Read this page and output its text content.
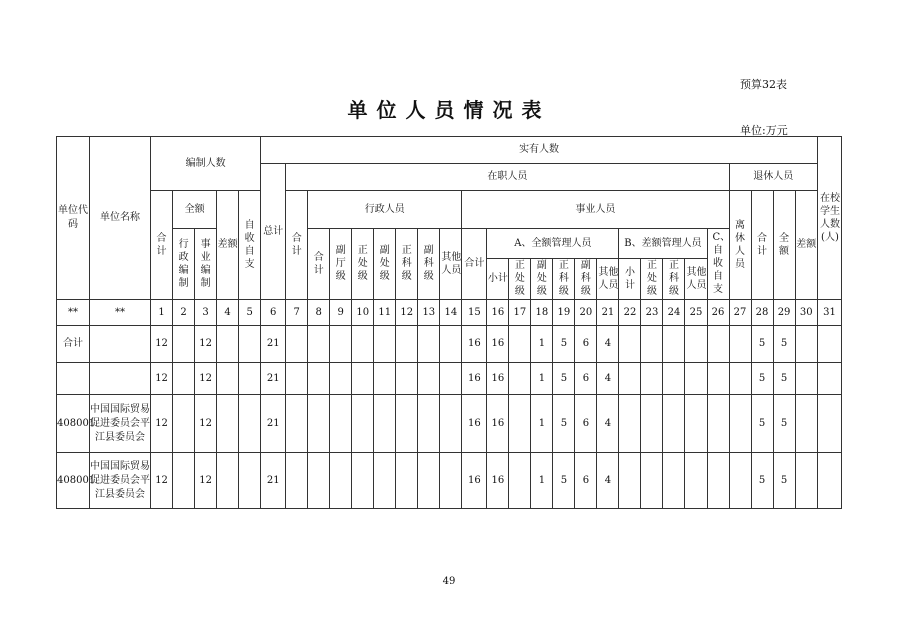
预算32表
单位人员情况表
单位:万元
单位代码	单位名称	编制人数					实有人数																									在校学生人数(人)
							总计	在职人员																				退休人员				
		合计	全额		差额	自收自支		合计	行政人员							事业人员												离休人员	合计	全额	差额	
			行政编制	事业编制					合计	副厅级	正处级	副处级	正科级	副科级	其他人员	合计	A、全额管理人员						B、差额管理人员				C、自收自支					
																	小计	正处级	副处级	正科级	副科级	其他人员	小计	正处级	正科级	其他人员						

**	**	1	2	3	4	5	6	7	8	9	10	11	12	13	14	15	16	17	18	19	20	21	22	23	24	25	26	27	28	29	30	31
合计		12		12			21									16	16		1	5	6	4							5	5		
		12		12			21									16	16		1	5	6	4							5	5		
408001	中国国际贸易促进委员会平江县委员会	12		12			21									16	16		1	5	6	4							5	5		
408001	中国国际贸易促进委员会平江县委员会	12		12			21									16	16		1	5	6	4							5	5		
49
